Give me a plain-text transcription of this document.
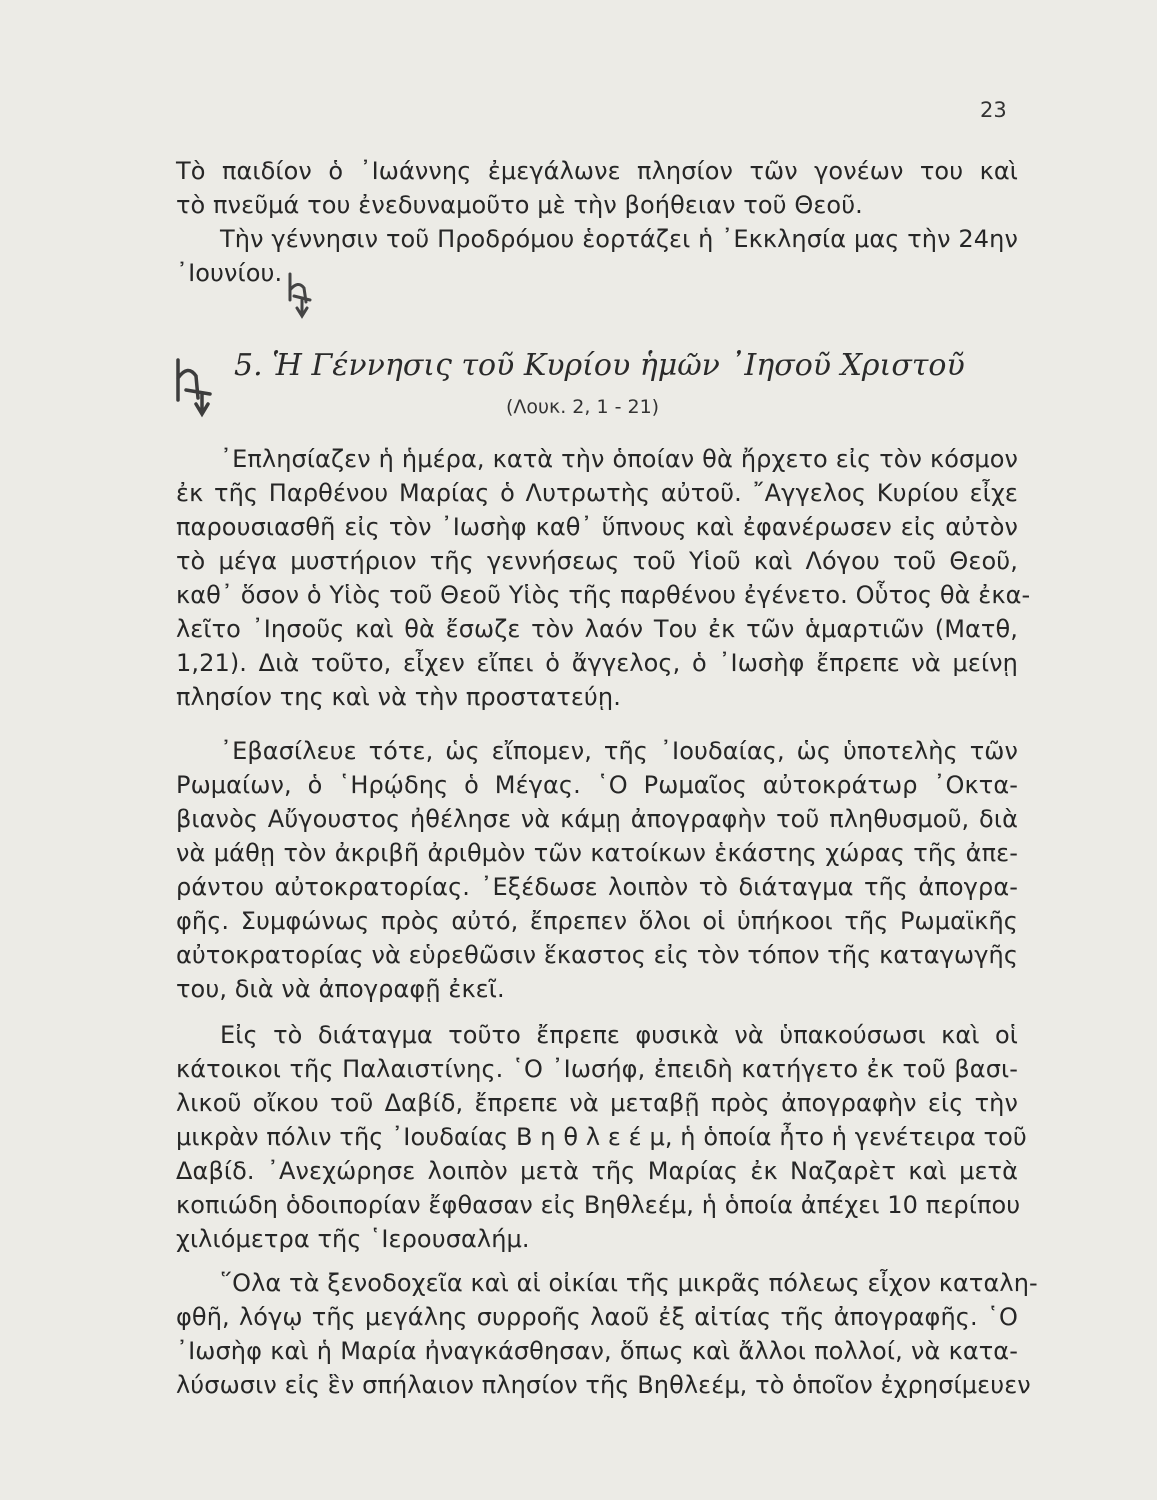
23
Τὸ παιδίον ὁ ᾿Ιωάννης ἐμεγάλωνε πλησίον τῶν γονέων του καὶ
τὸ πνεῦμά του ἐνεδυναμοῦτο μὲ τὴν βοήθειαν τοῦ Θεοῦ.
Τὴν γέννησιν τοῦ Προδρόμου ἑορτάζει ἡ ᾿Εκκλησία μας τὴν 24ην
᾿Ιουνίου.
5. Ἡ Γέννησις τοῦ Κυρίου ἡμῶν ᾿Ιησοῦ Χριστοῦ
(Λουκ. 2, 1 - 21)
᾿Επλησίαζεν ἡ ἡμέρα, κατὰ τὴν ὁποίαν θὰ ἤρχετο εἰς τὸν κόσμον
ἐκ τῆς Παρθένου Μαρίας ὁ Λυτρωτὴς αὐτοῦ. ῎Αγγελος Κυρίου εἶχε
παρουσιασθῆ εἰς τὸν ᾿Ιωσὴφ καθ᾿ ὕπνους καὶ ἐφανέρωσεν εἰς αὐτὸν
τὸ μέγα μυστήριον τῆς γεννήσεως τοῦ Υἱοῦ καὶ Λόγου τοῦ Θεοῦ,
καθ᾿ ὅσον ὁ Υἱὸς τοῦ Θεοῦ Υἱὸς τῆς παρθένου ἐγένετο. Οὗτος θὰ ἐκα-
λεῖτο ᾿Ιησοῦς καὶ θὰ ἔσωζε τὸν λαόν Του ἐκ τῶν ἁμαρτιῶν (Ματθ,
1,21). Διὰ τοῦτο, εἶχεν εἴπει ὁ ἄγγελος, ὁ ᾿Ιωσὴφ ἔπρεπε νὰ μείνῃ
πλησίον της καὶ νὰ τὴν προστατεύῃ.
᾿Εβασίλευε τότε, ὡς εἴπομεν, τῆς ᾿Ιουδαίας, ὡς ὑποτελὴς τῶν
Ρωμαίων, ὁ ῾Ηρῴδης ὁ Μέγας. ῾Ο Ρωμαῖος αὐτοκράτωρ ᾿Οκτα-
βιανὸς Αὔγουστος ἠθέλησε νὰ κάμῃ ἀπογραφὴν τοῦ πληθυσμοῦ, διὰ
νὰ μάθῃ τὸν ἀκριβῆ ἀριθμὸν τῶν κατοίκων ἑκάστης χώρας τῆς ἀπε-
ράντου αὐτοκρατορίας. ᾿Εξέδωσε λοιπὸν τὸ διάταγμα τῆς ἀπογρα-
φῆς. Συμφώνως πρὸς αὐτό, ἔπρεπεν ὅλοι οἱ ὑπήκοοι τῆς Ρωμαϊκῆς
αὐτοκρατορίας νὰ εὑρεθῶσιν ἕκαστος εἰς τὸν τόπον τῆς καταγωγῆς
του, διὰ νὰ ἀπογραφῇ ἐκεῖ.
Εἰς τὸ διάταγμα τοῦτο ἔπρεπε φυσικὰ νὰ ὑπακούσωσι καὶ οἱ
κάτοικοι τῆς Παλαιστίνης. ῾Ο ᾿Ιωσήφ, ἐπειδὴ κατήγετο ἐκ τοῦ βασι-
λικοῦ οἴκου τοῦ Δαβίδ, ἔπρεπε νὰ μεταβῇ πρὸς ἀπογραφὴν εἰς τὴν
μικρὰν πόλιν τῆς ᾿Ιουδαίας Β η θ λ ε έ μ, ἡ ὁποία ἦτο ἡ γενέτειρα τοῦ
Δαβίδ. ᾿Ανεχώρησε λοιπὸν μετὰ τῆς Μαρίας ἐκ Ναζαρὲτ καὶ μετὰ
κοπιώδη ὁδοιπορίαν ἔφθασαν εἰς Βηθλεέμ, ἡ ὁποία ἀπέχει 10 περίπου
χιλιόμετρα τῆς ῾Ιερουσαλήμ.
῞Ολα τὰ ξενοδοχεῖα καὶ αἱ οἰκίαι τῆς μικρᾶς πόλεως εἶχον καταλη-
φθῆ, λόγῳ τῆς μεγάλης συρροῆς λαοῦ ἐξ αἰτίας τῆς ἀπογραφῆς. ῾Ο
᾿Ιωσὴφ καὶ ἡ Μαρία ἠναγκάσθησαν, ὅπως καὶ ἄλλοι πολλοί, νὰ κατα-
λύσωσιν εἰς ἓν σπήλαιον πλησίον τῆς Βηθλεέμ, τὸ ὁποῖον ἐχρησίμευεν
